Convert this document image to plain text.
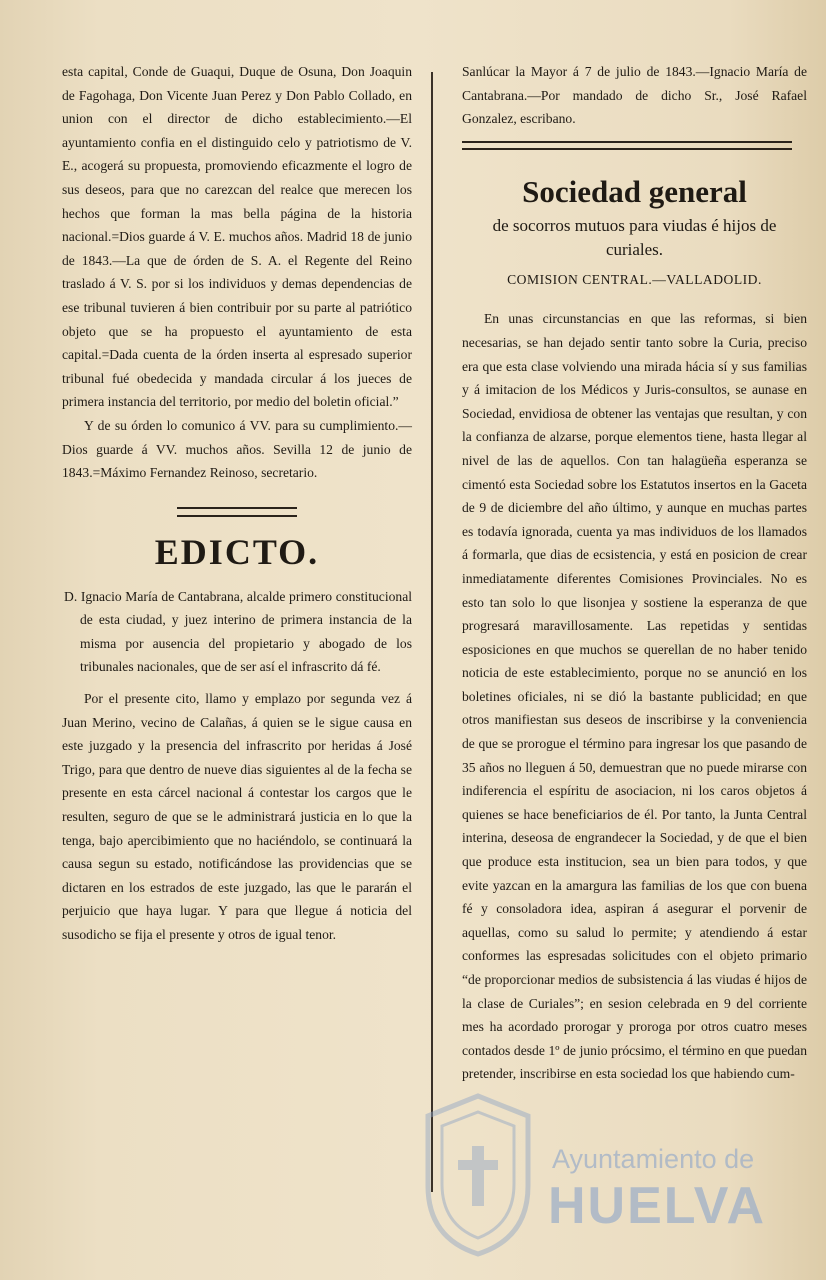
esta capital, Conde de Guaqui, Duque de Osuna, Don Joaquin de Fagohaga, Don Vicente Juan Perez y Don Pablo Collado, en union con el director de dicho establecimiento.—El ayuntamiento confia en el distinguido celo y patriotismo de V. E., acogerá su propuesta, promoviendo eficazmente el logro de sus deseos, para que no carezcan del realce que merecen los hechos que forman la mas bella página de la historia nacional.=Dios guarde á V. E. muchos años. Madrid 18 de junio de 1843.—La que de órden de S. A. el Regente del Reino traslado á V. S. por si los individuos y demas dependencias de ese tribunal tuvieren á bien contribuir por su parte al patriótico objeto que se ha propuesto el ayuntamiento de esta capital.=Dada cuenta de la órden inserta al espresado superior tribunal fué obedecida y mandada circular á los jueces de primera instancia del territorio, por medio del boletin oficial.”

Y de su órden lo comunico á VV. para su cumplimiento.—Dios guarde á VV. muchos años. Sevilla 12 de junio de 1843.=Máximo Fernandez Reinoso, secretario.

EDICTO.

D. Ignacio María de Cantabrana, alcalde primero constitucional de esta ciudad, y juez interino de primera instancia de la misma por ausencia del propietario y abogado de los tribunales nacionales, que de ser así el infrascrito dá fé.

Por el presente cito, llamo y emplazo por segunda vez á Juan Merino, vecino de Calañas, á quien se le sigue causa en este juzgado y la presencia del infrascrito por heridas á José Trigo, para que dentro de nueve dias siguientes al de la fecha se presente en esta cárcel nacional á contestar los cargos que le resulten, seguro de que se le administrará justicia en lo que la tenga, bajo apercibimiento que no haciéndolo, se continuará la causa segun su estado, notificándose las providencias que se dictaren en los estrados de este juzgado, las que le pararán el perjuicio que haya lugar. Y para que llegue á noticia del susodicho se fija el presente y otros de igual tenor.

Sanlúcar la Mayor á 7 de julio de 1843.—Ignacio María de Cantabrana.—Por mandado de dicho Sr., José Rafael Gonzalez, escribano.

Sociedad general
de socorros mutuos para viudas é hijos de curiales.
COMISION CENTRAL.—VALLADOLID.

En unas circunstancias en que las reformas, si bien necesarias, se han dejado sentir tanto sobre la Curia, preciso era que esta clase volviendo una mirada hácia sí y sus familias y á imitacion de los Médicos y Juris-consultos, se aunase en Sociedad, envidiosa de obtener las ventajas que resultan, y con la confianza de alzarse, porque elementos tiene, hasta llegar al nivel de las de aquellos. Con tan halagüeña esperanza se cimentó esta Sociedad sobre los Estatutos insertos en la Gaceta de 9 de diciembre del año último, y aunque en muchas partes es todavía ignorada, cuenta ya mas individuos de los llamados á formarla, que dias de ecsistencia, y está en posicion de crear inmediatamente diferentes Comisiones Provinciales. No es esto tan solo lo que lisonjea y sostiene la esperanza de que progresará maravillosamente. Las repetidas y sentidas esposiciones en que muchos se querellan de no haber tenido noticia de este establecimiento, porque no se anunció en los boletines oficiales, ni se dió la bastante publicidad; en que otros manifiestan sus deseos de inscribirse y la conveniencia de que se prorogue el término para ingresar los que pasando de 35 años no lleguen á 50, demuestran que no puede mirarse con indiferencia el espíritu de asociacion, ni los caros objetos á quienes se hace beneficiarios de él. Por tanto, la Junta Central interina, deseosa de engrandecer la Sociedad, y de que el bien que produce esta institucion, sea un bien para todos, y que evite yazcan en la amargura las familias de los que con buena fé y consoladora idea, aspiran á asegurar el porvenir de aquellas, como su salud lo permite; y atendiendo á estar conformes las espresadas solicitudes con el objeto primario “de proporcionar medios de subsistencia á las viudas é hijos de la clase de Curiales”; en sesion celebrada en 9 del corriente mes ha acordado prorogar y proroga por otros cuatro meses contados desde 1º de junio prócsimo, el término en que puedan pretender, inscribirse en esta sociedad los que habiendo cum-

Ayuntamiento de
HUELVA
